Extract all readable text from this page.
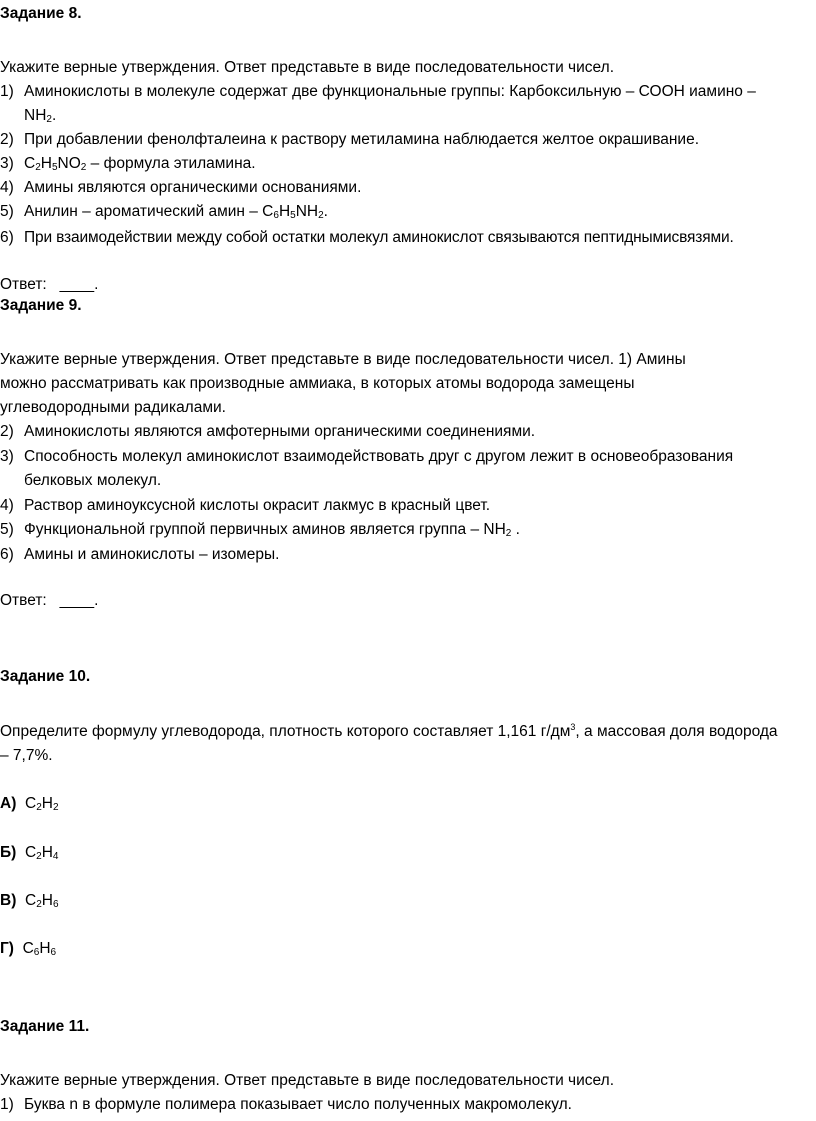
Задание 8.
Укажите верные утверждения. Ответ представьте в виде последовательности чисел.
1) Аминокислоты в молекуле содержат две функциональные группы: Карбоксильную – СООН иамино –
$NH_2$.
2) При добавлении фенолфталеина к раствору метиламина наблюдается желтое окрашивание.
3) $C_2H_5NO_2$ – формула этиламина.
4) Амины являются органическими основаниями.
5) Анилин – ароматический амин – $C_6H_5NH_2$.
6) При взаимодействии между собой остатки молекул аминокислот связываются пептиднымисвязями.
Ответ:   ____.
Задание 9.
Укажите верные утверждения. Ответ представьте в виде последовательности чисел. 1) Амины
можно рассматривать как производные аммиака, в которых атомы водорода замещены
углеводородными радикалами.
2) Аминокислоты являются амфотерными органическими соединениями.
3) Способность молекул аминокислот взаимодействовать друг с другом лежит в основеобразования
белковых молекул.
4) Раствор аминоуксусной кислоты окрасит лакмус в красный цвет.
5) Функциональной группой первичных аминов является группа – $NH_2$ .
6) Амины и аминокислоты – изомеры.
Ответ:   ____.
Задание 10.
Определите формулу углеводорода, плотность которого составляет 1,161 $г/дм^3$, а массовая доля водорода
– 7,7%.
А) $C_2H_2$
Б) $C_2H_4$
В) $C_2H_6$
Г) $C_6H_6$
Задание 11.
Укажите верные утверждения. Ответ представьте в виде последовательности чисел.
1) Буква n в формуле полимера показывает число полученных макромолекул.
